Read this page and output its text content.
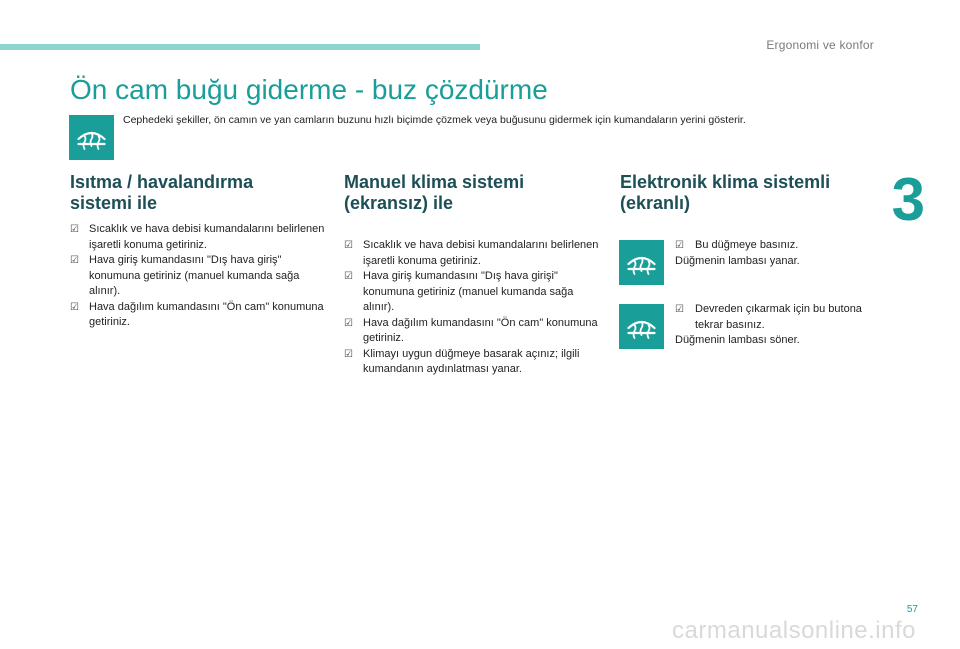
Ergonomi ve konfor
3
Ön cam buğu giderme - buz çözdürme
Cephedeki şekiller, ön camın ve yan camların buzunu hızlı biçimde çözmek veya buğusunu gidermek için kumandaların yerini gösterir.
Isıtma / havalandırma
sistemi ile
☑ Sıcaklık ve hava debisi kumandalarını belirlenen işaretli konuma getiriniz.
☑ Hava giriş kumandasını "Dış hava giriş" konumuna getiriniz (manuel kumanda sağa alınır).
☑ Hava dağılım kumandasını "Ön cam" konumuna getiriniz.
Manuel klima sistemi
(ekransız) ile
☑ Sıcaklık ve hava debisi kumandalarını belirlenen işaretli konuma getiriniz.
☑ Hava giriş kumandasını "Dış hava girişi" konumuna getiriniz (manuel kumanda sağa alınır).
☑ Hava dağılım kumandasını "Ön cam" konumuna getiriniz.
☑ Klimayı uygun düğmeye basarak açınız; ilgili kumandanın aydınlatması yanar.
Elektronik klima sistemli
(ekranlı)
☑ Bu düğmeye basınız.
Düğmenin lambası yanar.
☑ Devreden çıkarmak için bu butona tekrar basınız.
Düğmenin lambası söner.
57
carmanualsonline.info
